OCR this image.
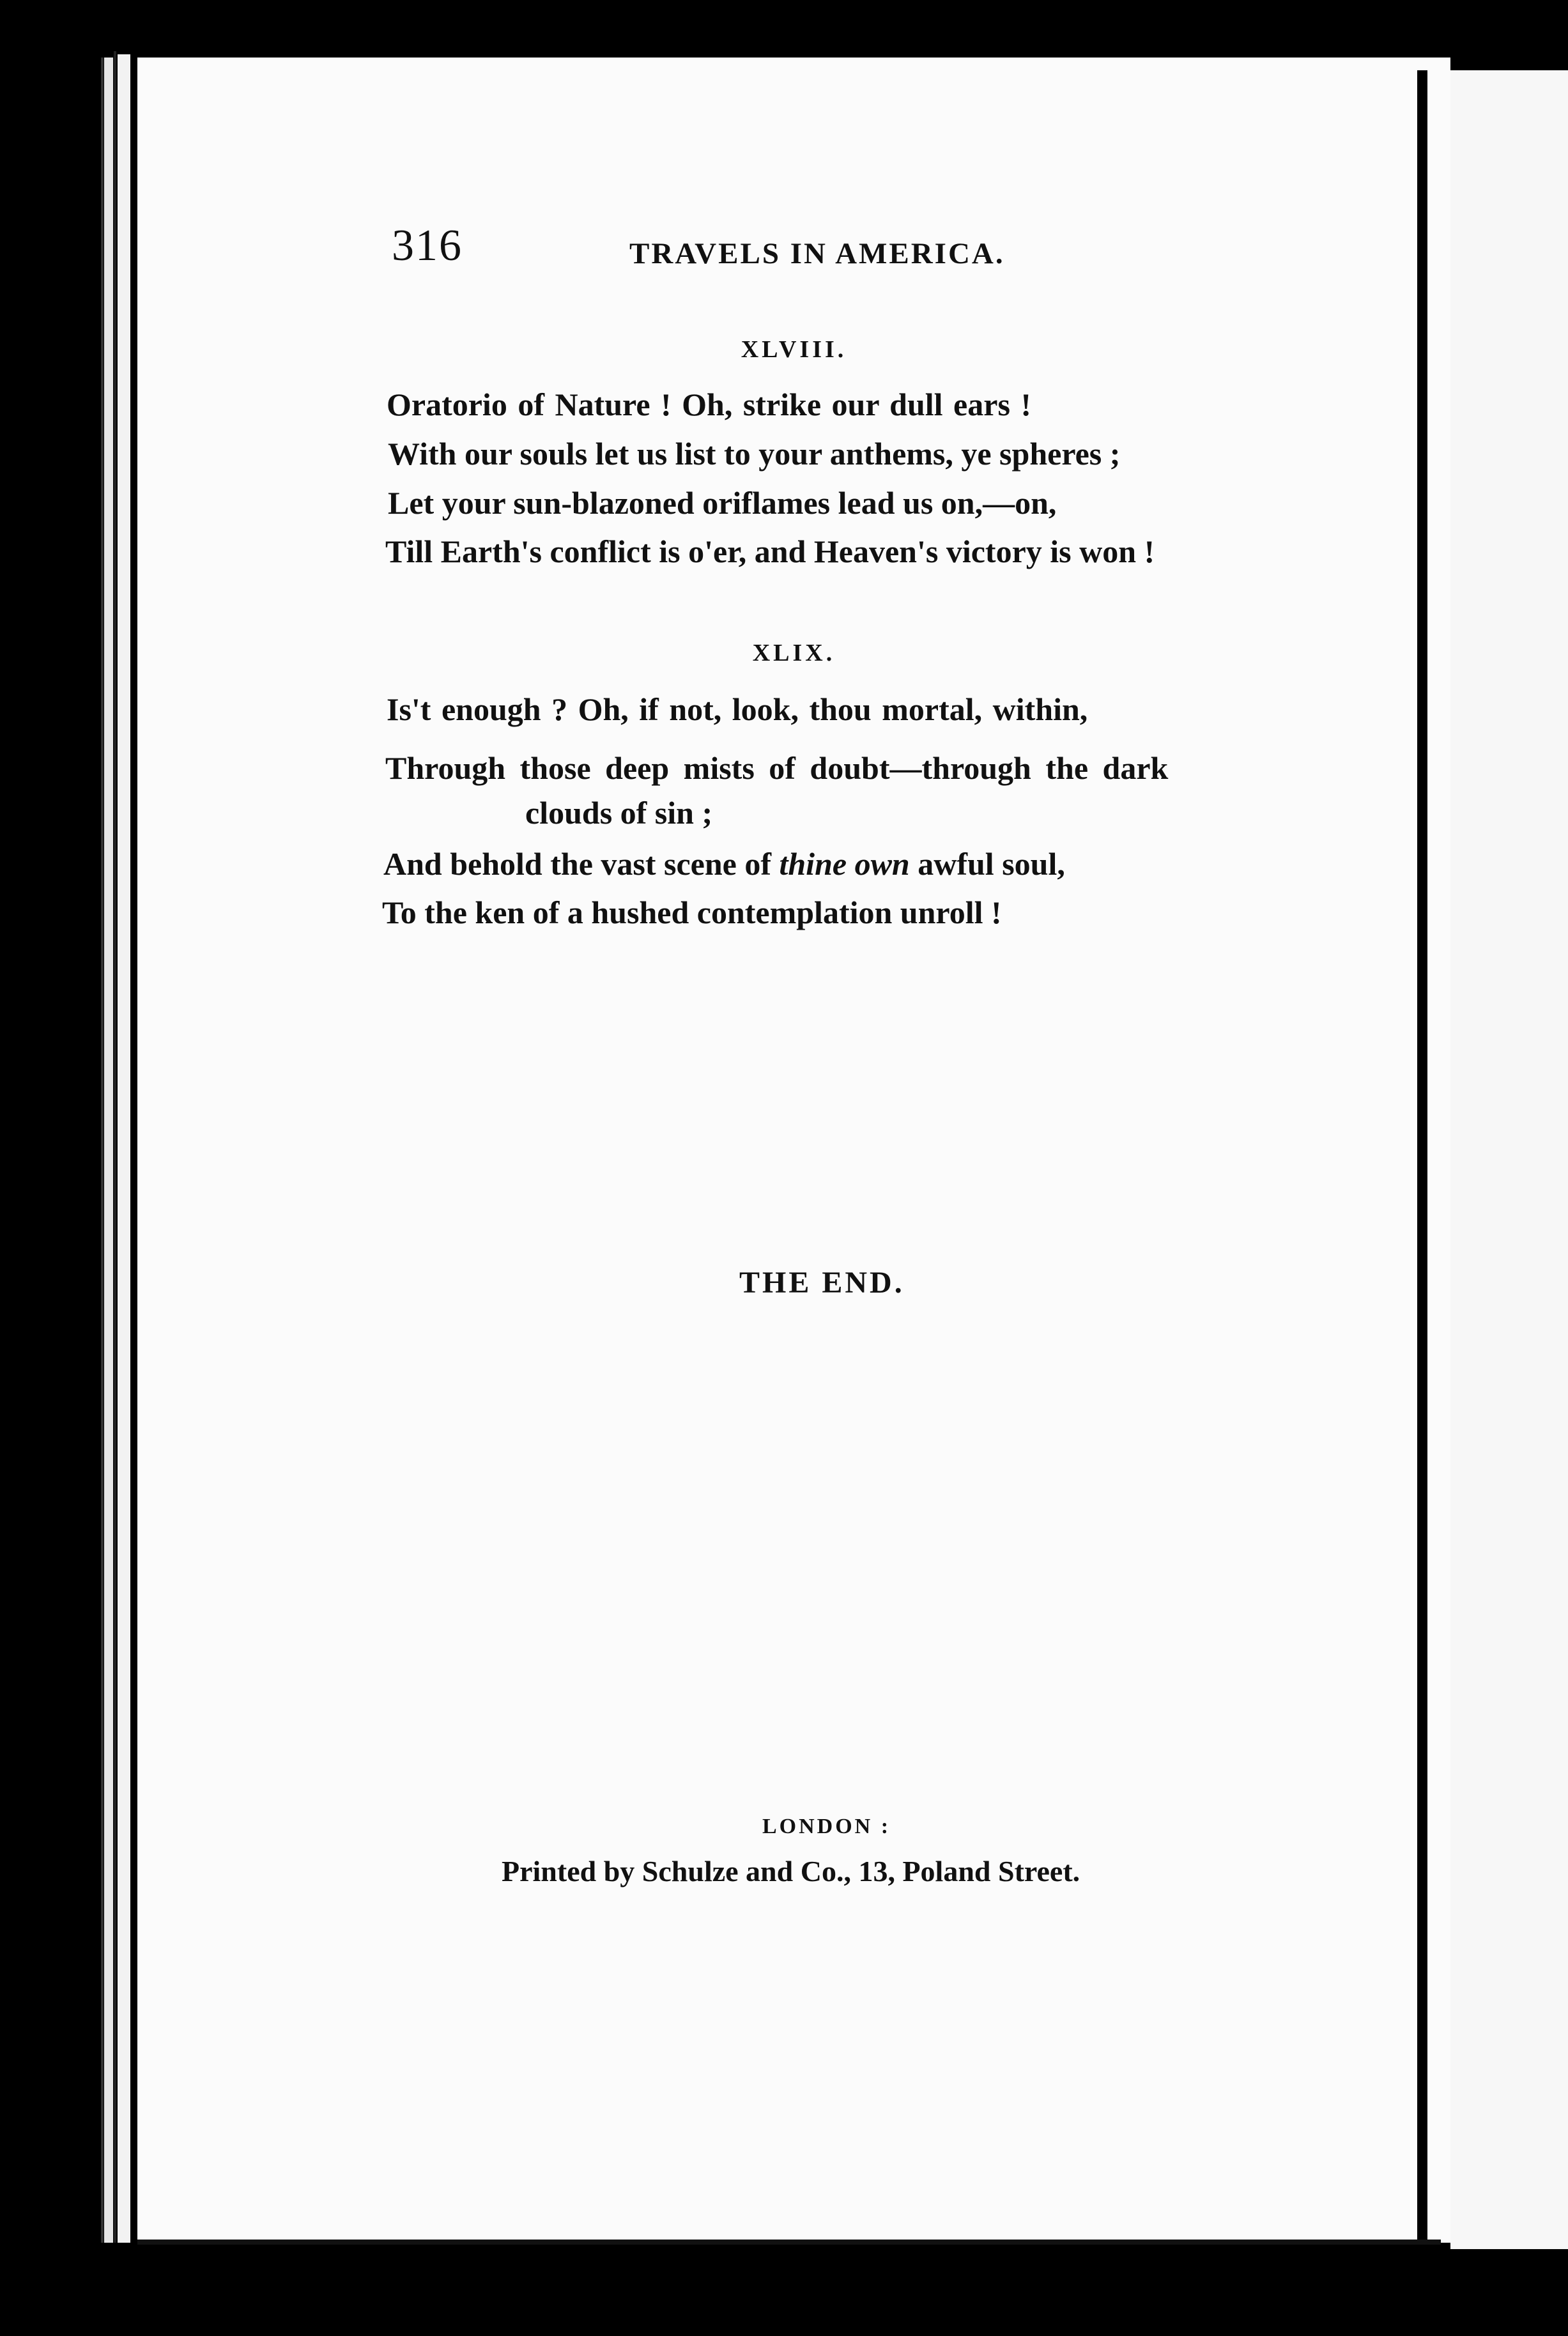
316	TRAVELS IN AMERICA.
XLVIII.
Oratorio of Nature ! Oh, strike our dull ears !
With our souls let us list to your anthems, ye spheres ;
Let your sun-blazoned oriflames lead us on,—on,
Till Earth's conflict is o'er, and Heaven's victory is won !
XLIX.
Is't enough ? Oh, if not, look, thou mortal, within,
Through those deep mists of doubt—through the dark
clouds of sin ;
And behold the vast scene of thine own awful soul,
To the ken of a hushed contemplation unroll !
THE END.
LONDON :
Printed by Schulze and Co., 13, Poland Street.
